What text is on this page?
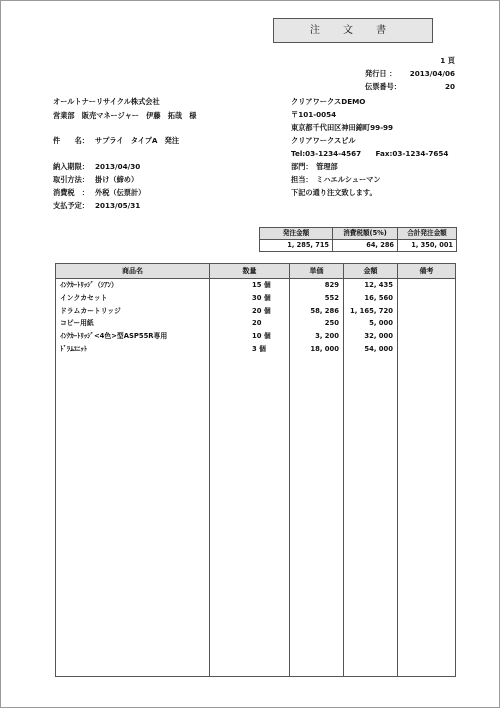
注 文 書
1 頁
発行日 ： 2013/04/06
伝票番号：	20
オールトナーリサイクル株式会社
営業部　販売マネージャー　伊藤　拓哉　様
件　　名： サプライ　タイプA　発注
納入期限： 2013/04/30
取引方法： 掛け（締め）
消費税　： 外税（伝票計）
支払予定： 2013/05/31
クリアワークスDEMO
〒101-0054
東京都千代田区神田錦町99-99
クリアワークスビル
Tel:03-1234-4567　　Fax:03-1234-7654
部門：　管理部
担当：　ミハエルシューマン
下記の通り注文致します。
発注金額	消費税額(5%)	合計発注金額
1, 285, 715	64, 286	1, 350, 001
商品名	数量	単価	金額	備考
ｲﾝｸｶｰﾄﾘｯｼﾞ（ｼｱﾝ）	15 個	829	12, 435	
インクカセット	30 個	552	16, 560	
ドラムカートリッジ	20 個	58, 286	1, 165, 720	
コピー用紙	20	250	5, 000	
ｲﾝｸｶｰﾄﾘｯｼﾞ<4色>型ASP55R専用	10 個	3, 200	32, 000	
ﾄﾞﾗﾑﾕﾆｯﾄ	3 個	18, 000	54, 000	
